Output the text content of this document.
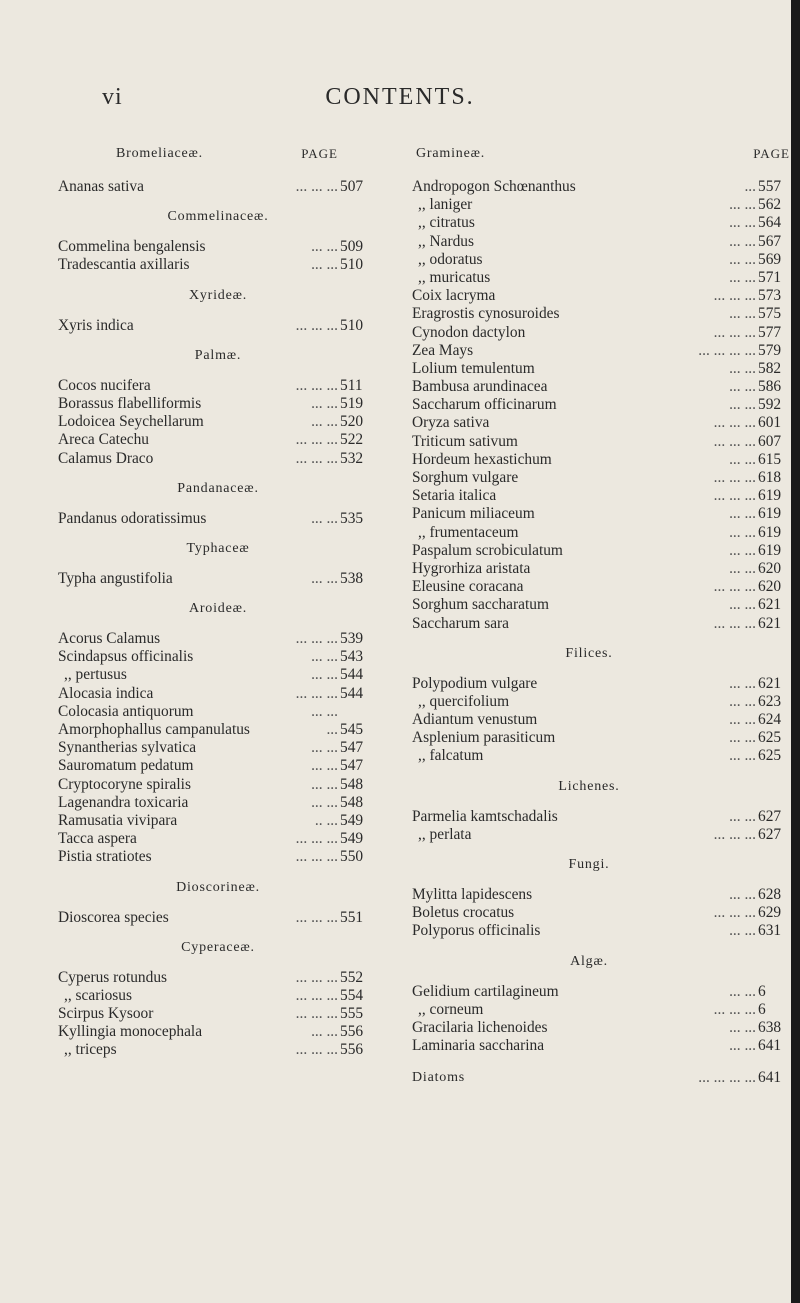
vi	CONTENTS.
Bromeliaceæ.	PAGE
Ananas sativa	... ... ... 507
Commelinaceæ.
Commelina bengalensis	... ... 509
Tradescantia axillaris	... ... 510
Xyrideæ.
Xyris indica	... ... ... 510
Palmæ.
Cocos nucifera	... ... ... 511
Borassus flabelliformis	... ... 519
Lodoicea Seychellarum	... ... 520
Areca Catechu	... ... ... 522
Calamus Draco	... ... ... 532
Pandanaceæ.
Pandanus odoratissimus	... ... 535
Typhaceæ
Typha angustifolia	... ... 538
Aroideæ.
Acorus Calamus	... ... ... 539
Scindapsus officinalis	... ... 543
,, pertusus	... ... 544
Alocasia indica	... ... ... 544
Colocasia antiquorum	... ...
Amorphophallus campanulatus	... 545
Synantherias sylvatica	... ... 547
Sauromatum pedatum	... ... 547
Cryptocoryne spiralis	... ... 548
Lagenandra toxicaria	... ... 548
Ramusatia vivipara	.. ... 549
Tacca aspera	... ... ... 549
Pistia stratiotes	... ... ... 550
Dioscorineæ.
Dioscorea species	... ... ... 551
Cyperaceæ.
Cyperus rotundus	... ... ... 552
,, scariosus	... ... ... 554
Scirpus Kysoor	... ... ... 555
Kyllingia monocephala	... ... 556
,, triceps	... ... ... 556
Gramineæ.	PAGE
Andropogon Schœnanthus	... 557
,, laniger	... ... 562
,, citratus	... ... 564
,, Nardus	... ... 567
,, odoratus	... ... 569
,, muricatus	... ... 571
Coix lacryma	... ... ... 573
Eragrostis cynosuroides	... ... 575
Cynodon dactylon	... ... ... 577
Zea Mays	... ... ... ... 579
Lolium temulentum	... ... 582
Bambusa arundinacea	... ... 586
Saccharum officinarum	... ... 592
Oryza sativa	... ... ... 601
Triticum sativum	... ... ... 607
Hordeum hexastichum	... ... 615
Sorghum vulgare	... ... ... 618
Setaria italica	... ... ... 619
Panicum miliaceum	... ... 619
,, frumentaceum	... ... 619
Paspalum scrobiculatum	... ... 619
Hygrorhiza aristata	... ... 620
Eleusine coracana	... ... ... 620
Sorghum saccharatum	... ... 621
Saccharum sara	... ... ... 621
Filices.
Polypodium vulgare	... ... 621
,, quercifolium	... ... 623
Adiantum venustum	... ... 624
Asplenium parasiticum	... ... 625
,, falcatum	... ... 625
Lichenes.
Parmelia kamtschadalis	... ... 627
,, perlata	... ... ... 627
Fungi.
Mylitta lapidescens	... ... 628
Boletus crocatus	... ... ... 629
Polyporus officinalis	... ... 631
Algæ.
Gelidium cartilagineum	... ... 6
,, corneum	... ... ... 6
Gracilaria lichenoides	... ... 638
Laminaria saccharina	... ... 641
Diatoms	... ... ... ... 641
